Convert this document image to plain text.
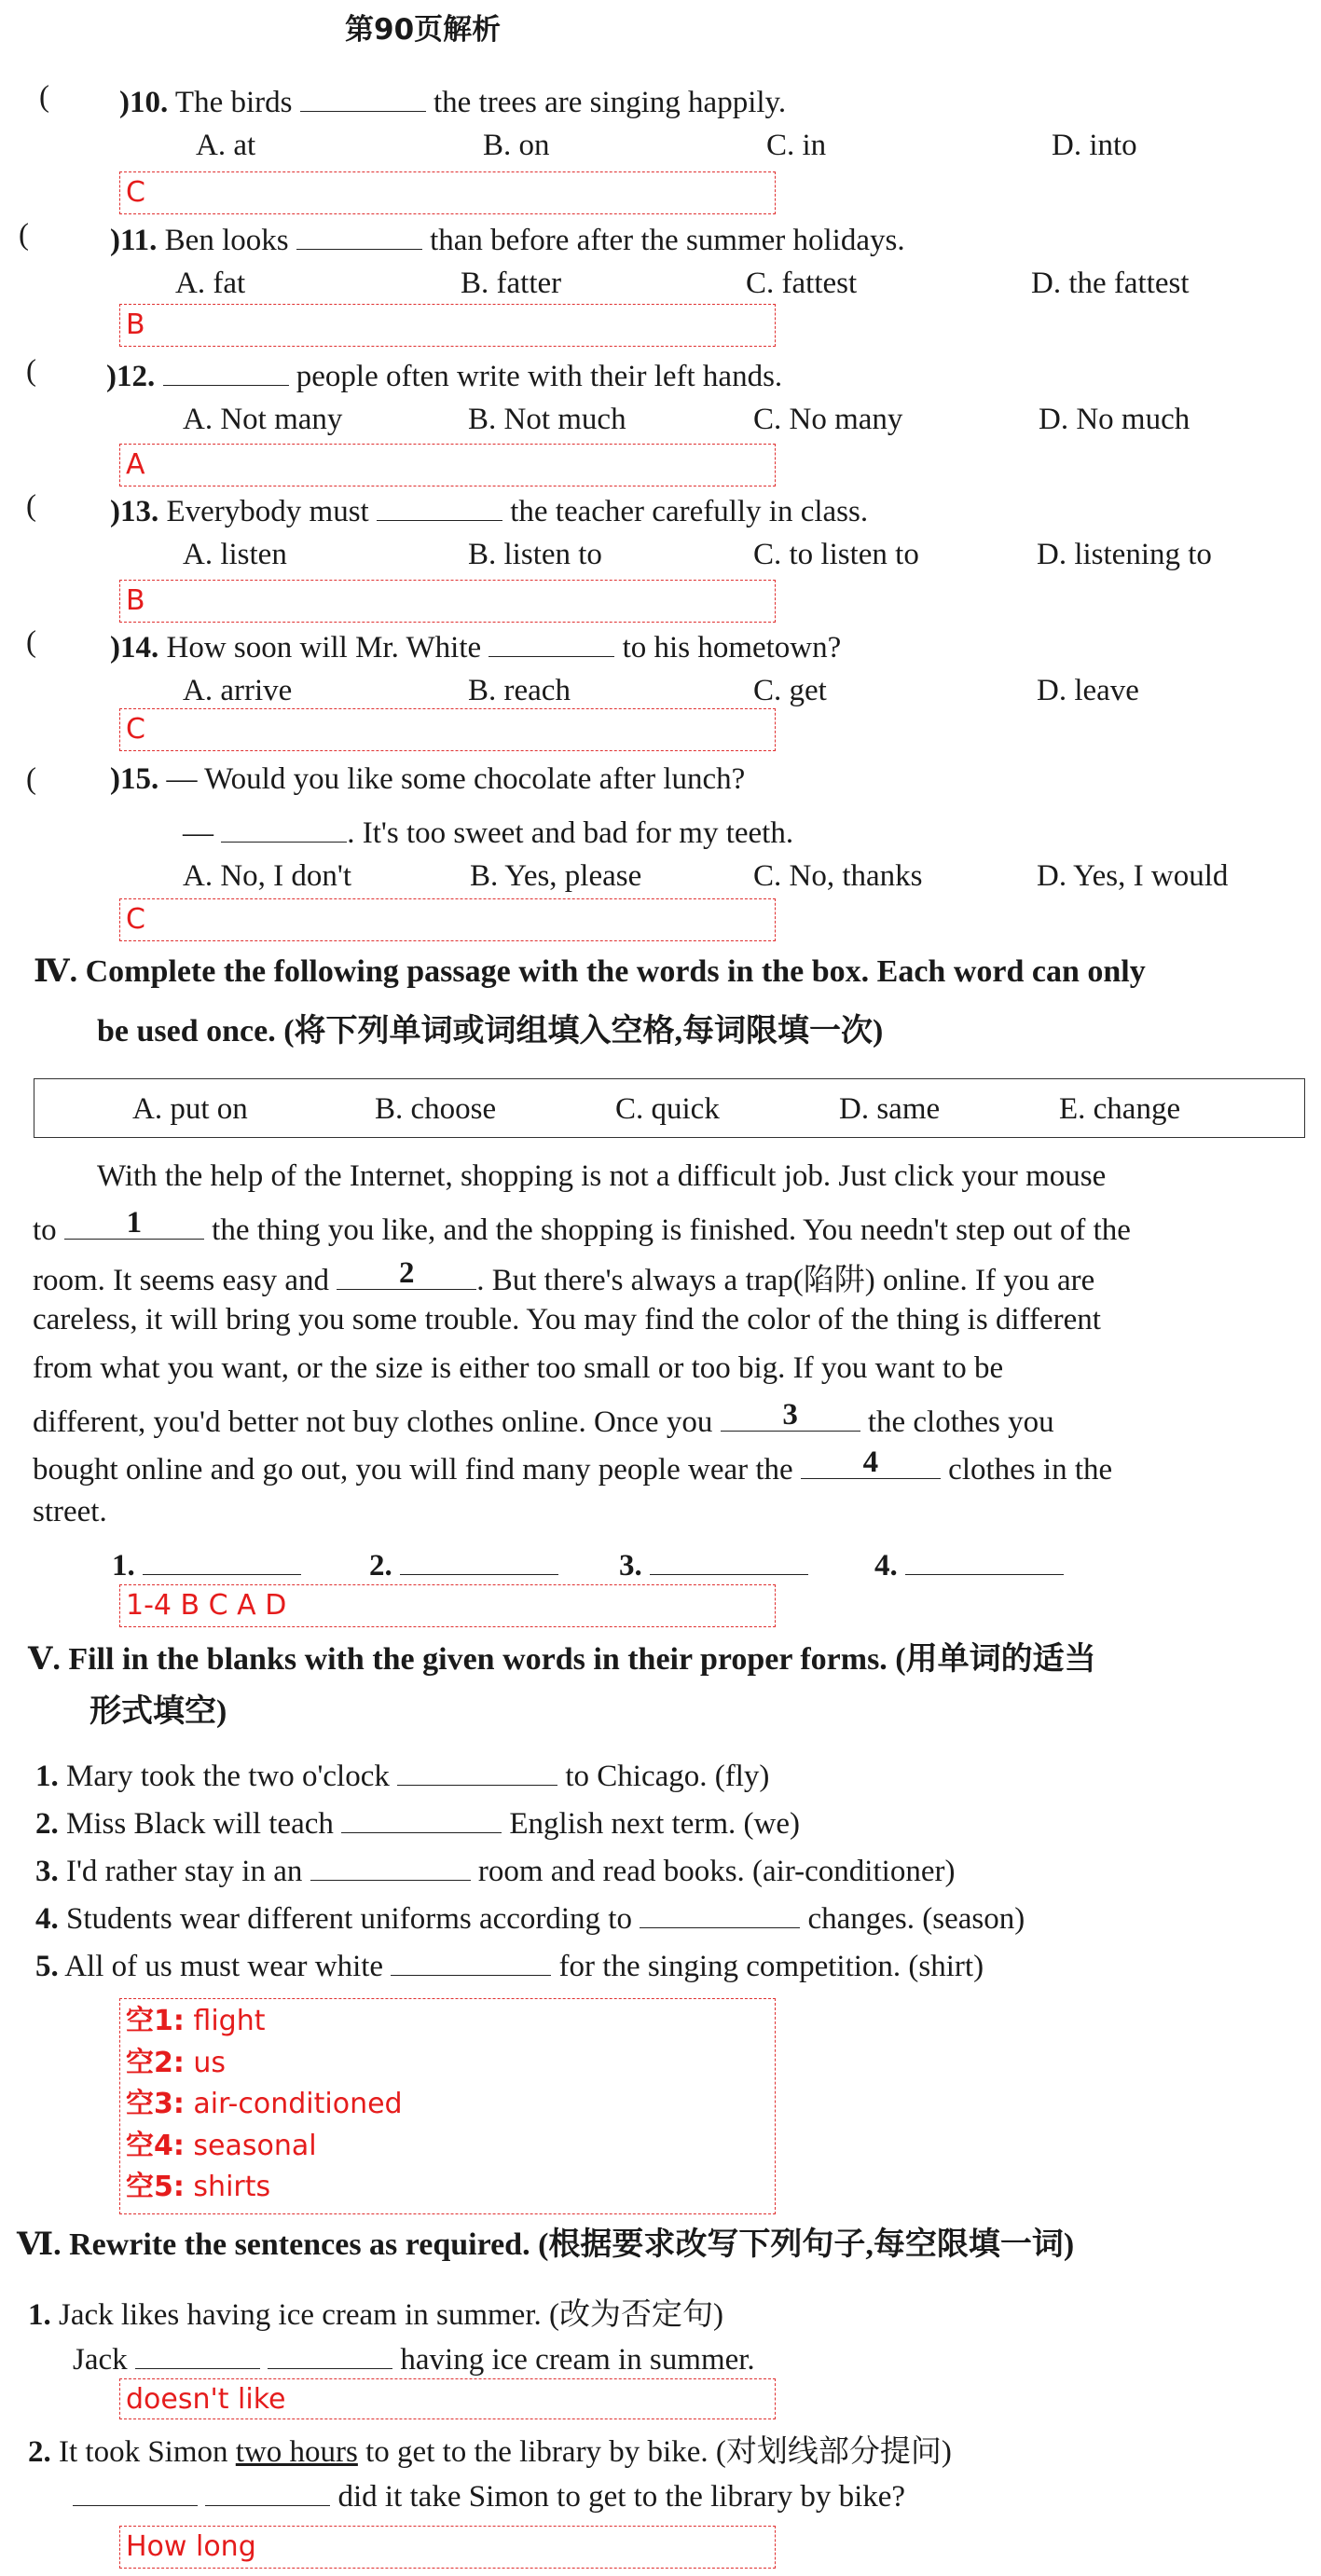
第90页解析
( )10. The birds	the trees are singing happily.
A. at	B. on	C. in	D. into
C
(	)11. Ben looks	than before after the summer holidays.
A. fat	B. fatter	C. fattest	D. the fattest
B
( )12.	people often write with their left hands.
A. Not many	B. Not much	C. No many	D. No much
A
( )13. Everybody must	the teacher carefully in class.
A. listen	B. listen to	C. to listen to	D. listening to
B
( )14. How soon will Mr. White	to his hometown?
A. arrive	B. reach	C. get	D. leave
C
( )15. — Would you like some chocolate after lunch?
—	. It's too sweet and bad for my teeth.
A. No, I don't	B. Yes, please	C. No, thanks	D. Yes, I would
C
Ⅳ. Complete the following passage with the words in the box. Each word can only
be used once. (将下列单词或词组填入空格,每词限填一次)
A. put on	B. choose	C. quick	D. same	E. change
With the help of the Internet, shopping is not a difficult job. Just click your mouse
to	1	the thing you like, and the shopping is finished. You needn't step out of the
room. It seems easy and	2	. But there's always a trap(陷阱) online. If you are
careless, it will bring you some trouble. You may find the color of the thing is different
from what you want, or the size is either too small or too big. If you want to be
different, you'd better not buy clothes online. Once you	3	the clothes you
bought online and go out, you will find many people wear the	4	clothes in the
street.
1.	2.	3.	4.
1-4 B C A D
Ⅴ. Fill in the blanks with the given words in their proper forms. (用单词的适当
形式填空)
1. Mary took the two o'clock	to Chicago. (fly)
2. Miss Black will teach	English next term. (we)
3. I'd rather stay in an	room and read books. (air-conditioner)
4. Students wear different uniforms according to	changes. (season)
5. All of us must wear white	for the singing competition. (shirt)
空1: flight
空2: us
空3: air-conditioned
空4: seasonal
空5: shirts
Ⅵ. Rewrite the sentences as required. (根据要求改写下列句子,每空限填一词)
1. Jack likes having ice cream in summer. (改为否定句)
Jack	having ice cream in summer.
doesn't like
2. It took Simon two hours to get to the library by bike. (对划线部分提问)
did it take Simon to get to the library by bike?
How long
